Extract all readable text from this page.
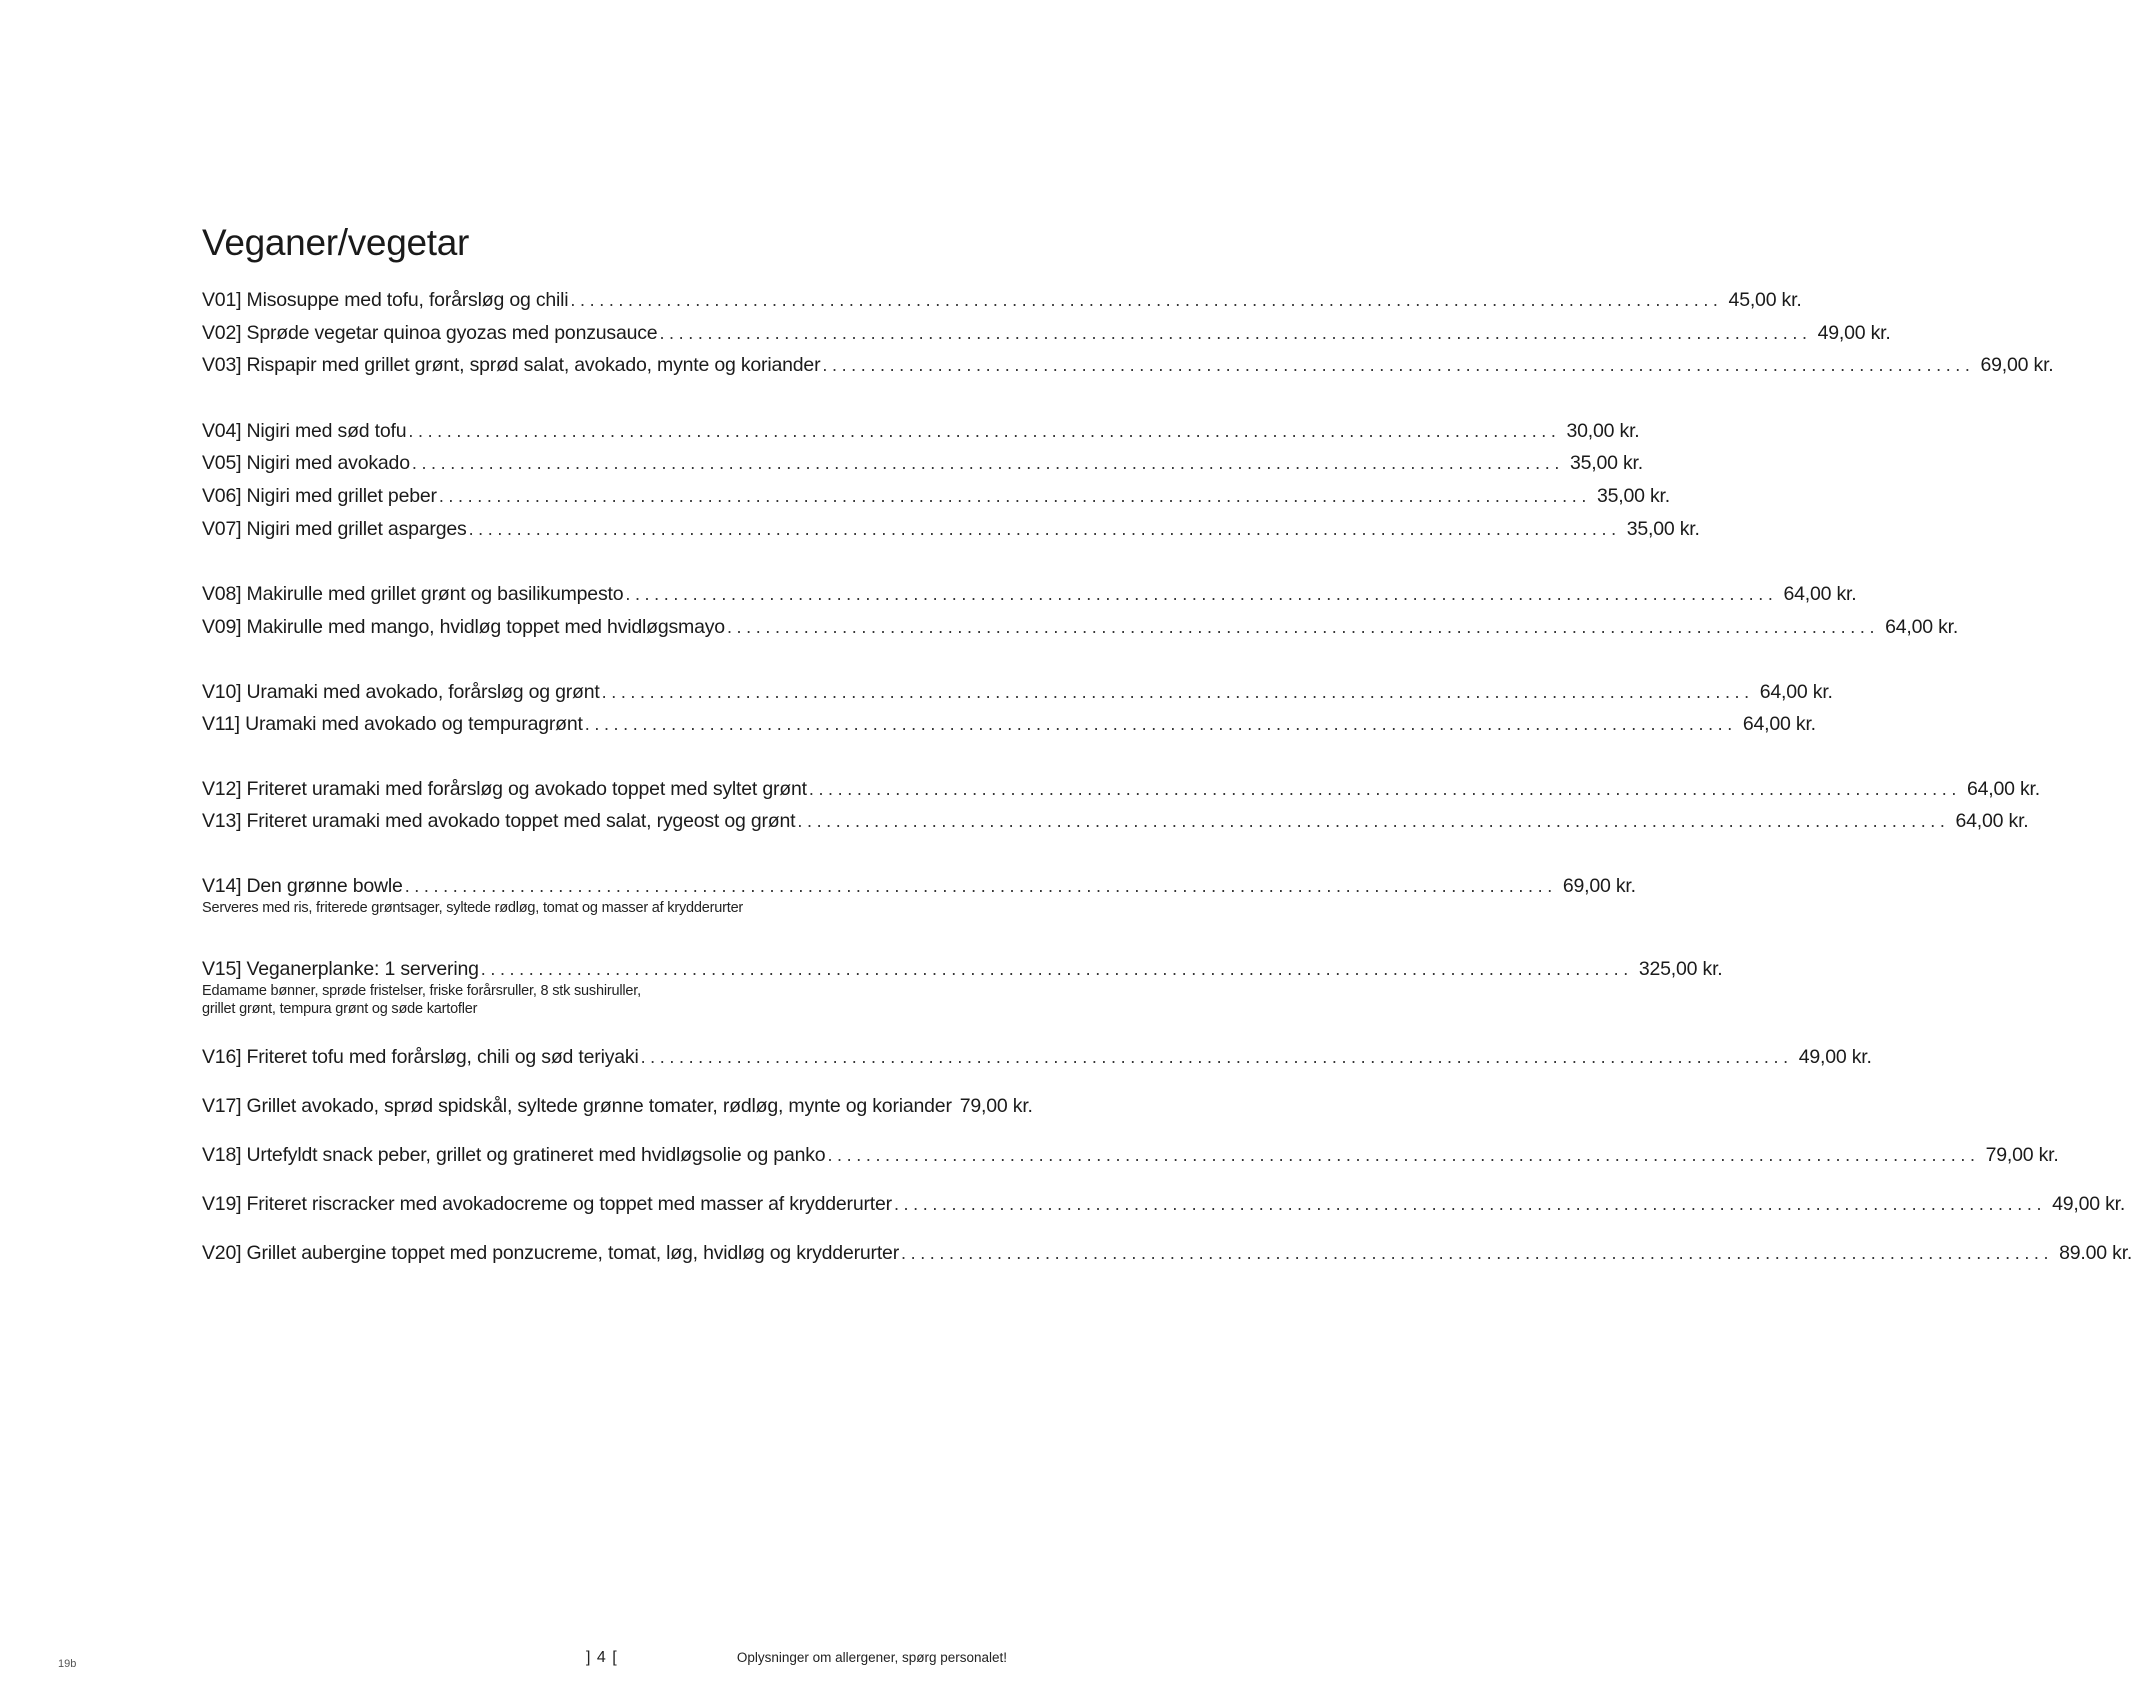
Veganer/vegetar
V01] Misosuppe med tofu, forårsløg og chili ........................................................................................................................ 45,00 kr.
V02] Sprøde vegetar quinoa gyozas med ponzusauce ........................................................................................................................ 49,00 kr.
V03] Rispapir med grillet grønt, sprød salat, avokado, mynte og koriander ........................................................................................................................ 69,00 kr.
V04] Nigiri med sød tofu ........................................................................................................................ 30,00 kr.
V05] Nigiri med avokado ........................................................................................................................ 35,00 kr.
V06] Nigiri med grillet peber ........................................................................................................................ 35,00 kr.
V07] Nigiri med grillet asparges ........................................................................................................................ 35,00 kr.
V08] Makirulle med grillet grønt og basilikumpesto ........................................................................................................................ 64,00 kr.
V09] Makirulle med mango, hvidløg toppet med hvidløgsmayo ........................................................................................................................ 64,00 kr.
V10] Uramaki med avokado, forårsløg og grønt ........................................................................................................................ 64,00 kr.
V11] Uramaki med avokado og tempuragrønt ........................................................................................................................ 64,00 kr.
V12] Friteret uramaki med forårsløg og avokado toppet med syltet grønt ........................................................................................................................ 64,00 kr.
V13] Friteret uramaki med avokado toppet med salat, rygeost og grønt ........................................................................................................................ 64,00 kr.
V14] Den grønne bowle ........................................................................................................................ 69,00 kr.
Serveres med ris, friterede grøntsager, syltede rødløg, tomat og masser af krydderurter
V15] Veganerplanke: 1 servering ........................................................................................................................ 325,00 kr.
Edamame bønner, sprøde fristelser, friske forårsruller, 8 stk sushiruller,
grillet grønt, tempura grønt og søde kartofler
V16] Friteret tofu med forårsløg, chili og sød teriyaki ........................................................................................................................ 49,00 kr.
V17] Grillet avokado, sprød spidskål, syltede grønne tomater, rødløg, mynte og koriander 79,00 kr.
V18] Urtefyldt snack peber, grillet og gratineret med hvidløgsolie og panko ........................................................................................................................ 79,00 kr.
V19] Friteret riscracker med avokadocreme og toppet med masser af krydderurter ........................................................................................................................ 49,00 kr.
V20] Grillet aubergine toppet med ponzucreme, tomat, løg, hvidløg og krydderurter ........................................................................................................................ 89.00 kr.
19b	] 4 [	Oplysninger om allergener, spørg personalet!
